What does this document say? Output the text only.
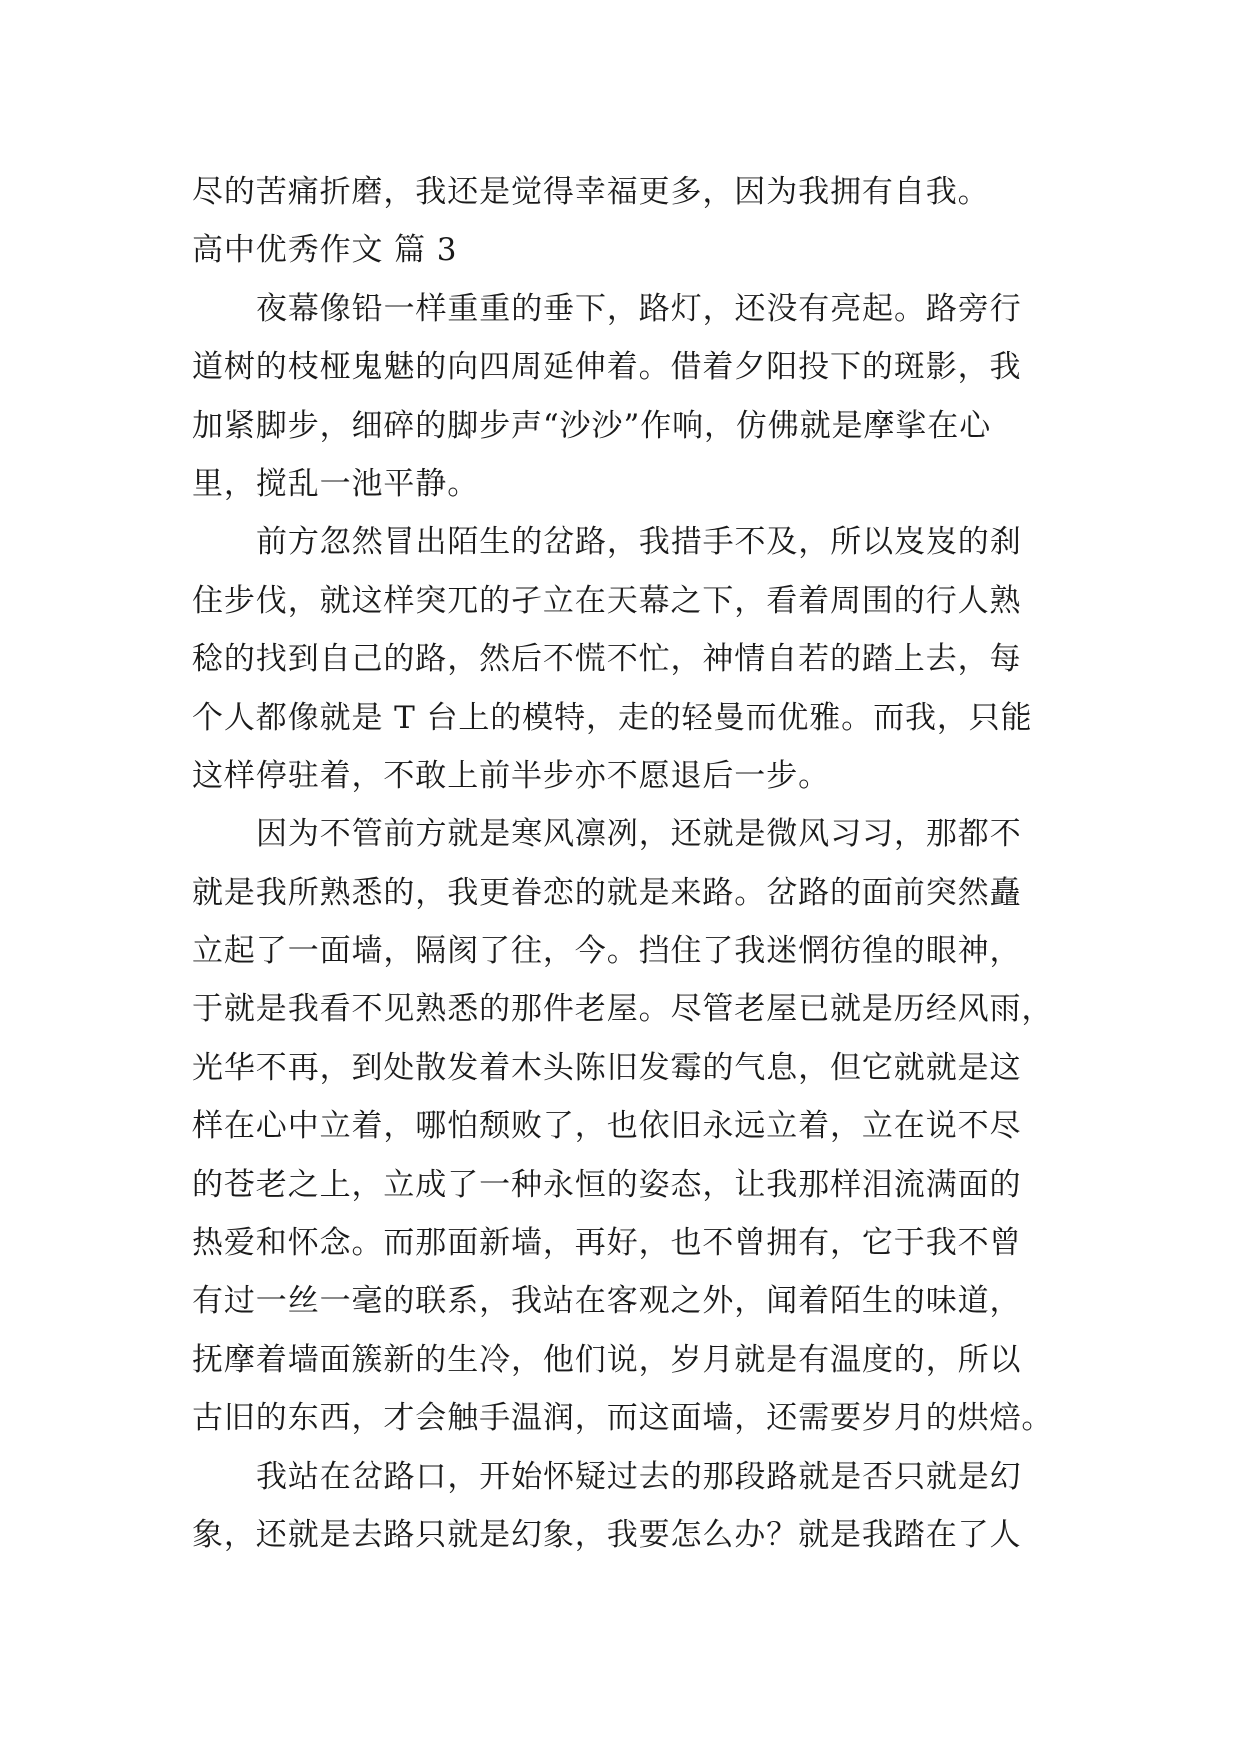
尽的苦痛折磨，我还是觉得幸福更多，因为我拥有自我。
高中优秀作文 篇 3
夜幕像铅一样重重的垂下，路灯，还没有亮起。路旁行
道树的枝桠鬼魅的向四周延伸着。借着夕阳投下的斑影，我
加紧脚步，细碎的脚步声“沙沙”作响，仿佛就是摩挲在心
里，搅乱一池平静。
前方忽然冒出陌生的岔路，我措手不及，所以岌岌的刹
住步伐，就这样突兀的孑立在天幕之下，看着周围的行人熟
稔的找到自己的路，然后不慌不忙，神情自若的踏上去，每
个人都像就是 T 台上的模特，走的轻曼而优雅。而我，只能
这样停驻着，不敢上前半步亦不愿退后一步。
因为不管前方就是寒风凛冽，还就是微风习习，那都不
就是我所熟悉的，我更眷恋的就是来路。岔路的面前突然矗
立起了一面墙，隔阂了往，今。挡住了我迷惘彷徨的眼神，
于就是我看不见熟悉的那件老屋。尽管老屋已就是历经风雨，
光华不再，到处散发着木头陈旧发霉的气息，但它就就是这
样在心中立着，哪怕颓败了，也依旧永远立着，立在说不尽
的苍老之上，立成了一种永恒的姿态，让我那样泪流满面的
热爱和怀念。而那面新墙，再好，也不曾拥有，它于我不曾
有过一丝一毫的联系，我站在客观之外，闻着陌生的味道，
抚摩着墙面簇新的生冷，他们说，岁月就是有温度的，所以
古旧的东西，才会触手温润，而这面墙，还需要岁月的烘焙。
我站在岔路口，开始怀疑过去的那段路就是否只就是幻
象，还就是去路只就是幻象，我要怎么办？就是我踏在了人
